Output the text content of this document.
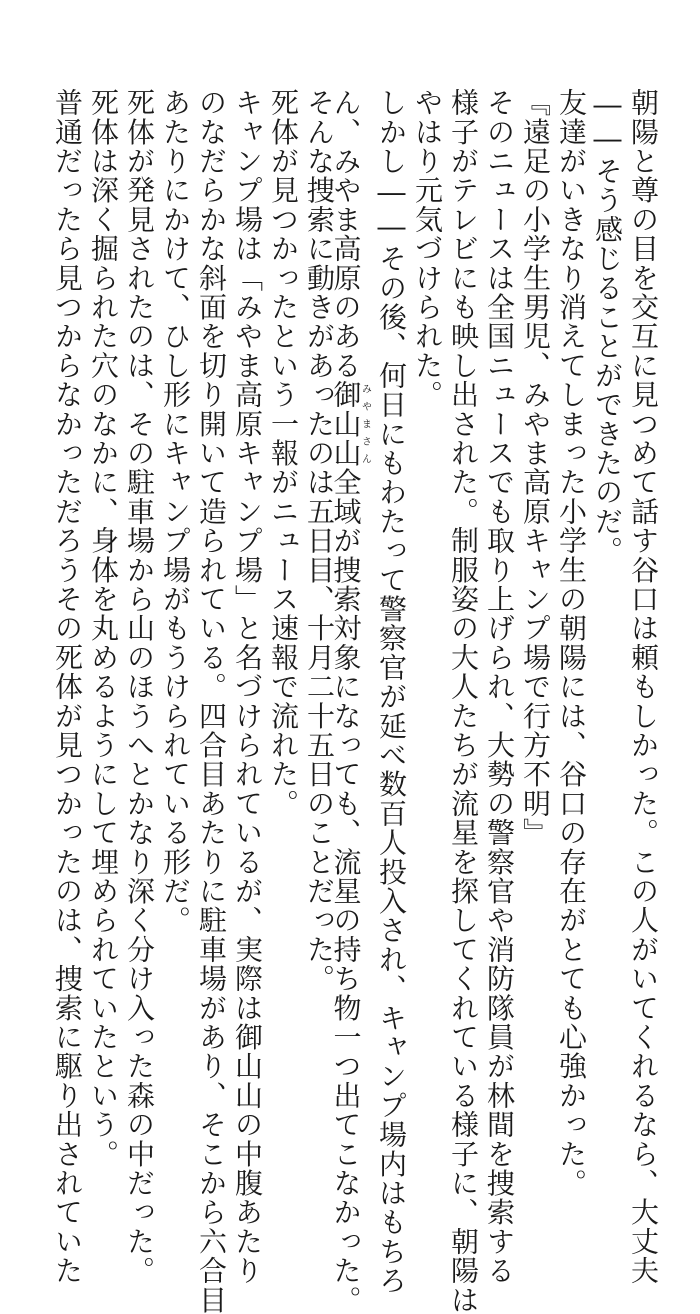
朝陽と尊の目を交互に見つめて話す谷口は頼もしかった。この人がいてくれるなら、大丈夫
――そう感じることができたのだ。
友達がいきなり消えてしまった小学生の朝陽には、谷口の存在がとても心強かった。
『遠足の小学生男児、みやま高原キャンプ場で行方不明』
そのニュースは全国ニュースでも取り上げられ、大勢の警察官や消防隊員が林間を捜索する
様子がテレビにも映し出された。制服姿の大人たちが流星を探してくれている様子に、朝陽は
やはり元気づけられた。
しかし――その後、何日にもわたって警察官が延べ数百人投入され、キャンプ場内はもちろ
ん、みやま高原のある御山山みやまさん全域が捜索対象になっても、流星の持ち物一つ出てこなかった。
そんな捜索に動きがあったのは五日目、十月二十五日のことだった。
死体が見つかったという一報がニュース速報で流れた。
キャンプ場は「みやま高原キャンプ場」と名づけられているが、実際は御山山の中腹あたり
のなだらかな斜面を切り開いて造られている。四合目あたりに駐車場があり、そこから六合目
あたりにかけて、ひし形にキャンプ場がもうけられている形だ。
死体が発見されたのは、その駐車場から山のほうへとかなり深く分け入った森の中だった。
死体は深く掘られた穴のなかに、身体を丸めるようにして埋められていたという。
普通だったら見つからなかっただろうその死体が見つかったのは、捜索に駆り出されていた
